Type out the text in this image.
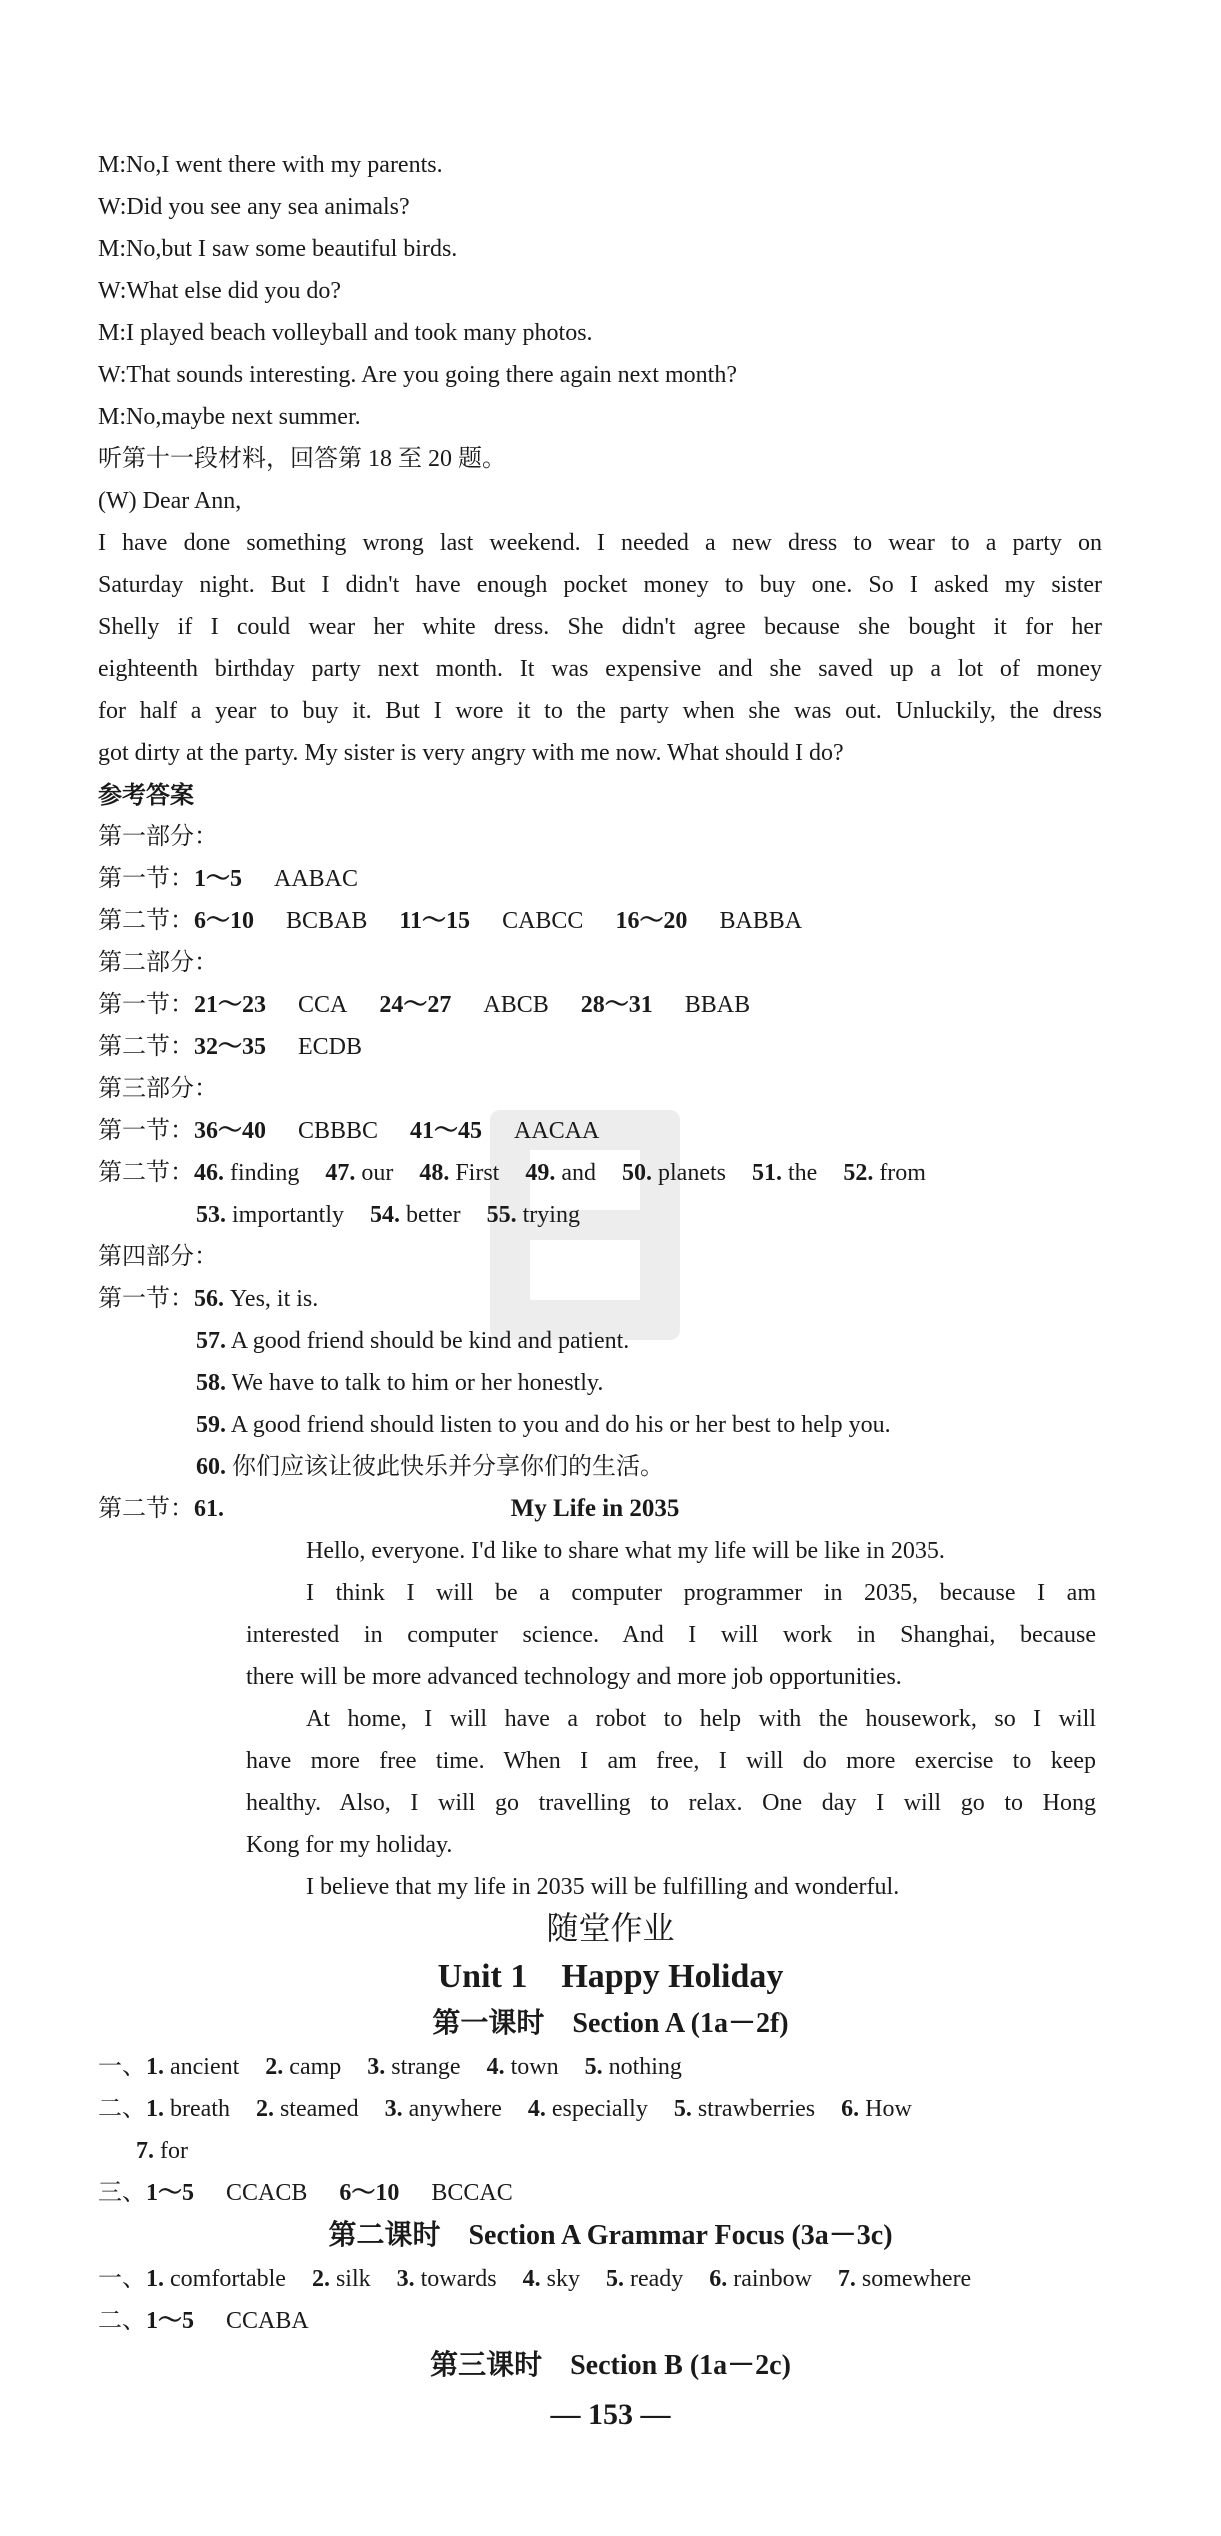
M:No,I went there with my parents.
W:Did you see any sea animals?
M:No,but I saw some beautiful birds.
W:What else did you do?
M:I played beach volleyball and took many photos.
W:That sounds interesting. Are you going there again next month?
M:No,maybe next summer.
听第十一段材料，回答第 18 至 20 题。
(W) Dear Ann,
I have done something wrong last weekend. I needed a new dress to wear to a party on
Saturday night. But I didn't have enough pocket money to buy one. So I asked my sister
Shelly if I could wear her white dress. She didn't agree because she bought it for her
eighteenth birthday party next month. It was expensive and she saved up a lot of money
for half a year to buy it. But I wore it to the party when she was out. Unluckily, the dress
got dirty at the party. My sister is very angry with me now. What should I do?
参考答案
第一部分：
第一节：1～5 AABAC
第二节：6～10 BCBAB 11～15 CABCC 16～20 BABBA
第二部分：
第一节：21～23 CCA 24～27 ABCB 28～31 BBAB
第二节：32～35 ECDB
第三部分：
第一节：36～40 CBBBC 41～45 AACAA
第二节：46. finding 47. our 48. First 49. and 50. planets 51. the 52. from
53. importantly 54. better 55. trying
第四部分：
第一节：56. Yes, it is.
57. A good friend should be kind and patient.
58. We have to talk to him or her honestly.
59. A good friend should listen to you and do his or her best to help you.
60. 你们应该让彼此快乐并分享你们的生活。
第二节：61.	My Life in 2035
Hello, everyone. I'd like to share what my life will be like in 2035.
I think I will be a computer programmer in 2035, because I am
interested in computer science. And I will work in Shanghai, because
there will be more advanced technology and more job opportunities.
At home, I will have a robot to help with the housework, so I will
have more free time. When I am free, I will do more exercise to keep
healthy. Also, I will go travelling to relax. One day I will go to Hong
Kong for my holiday.
I believe that my life in 2035 will be fulfilling and wonderful.
随堂作业
Unit 1    Happy Holiday
第一课时    Section A (1a－2f)
一、1. ancient 2. camp 3. strange 4. town 5. nothing
二、1. breath 2. steamed 3. anywhere 4. especially 5. strawberries 6. How
7. for
三、1～5 CCACB 6～10 BCCAC
第二课时    Section A Grammar Focus (3a－3c)
一、1. comfortable 2. silk 3. towards 4. sky 5. ready 6. rainbow 7. somewhere
二、1～5 CCABA
第三课时    Section B (1a－2c)
— 153 —
